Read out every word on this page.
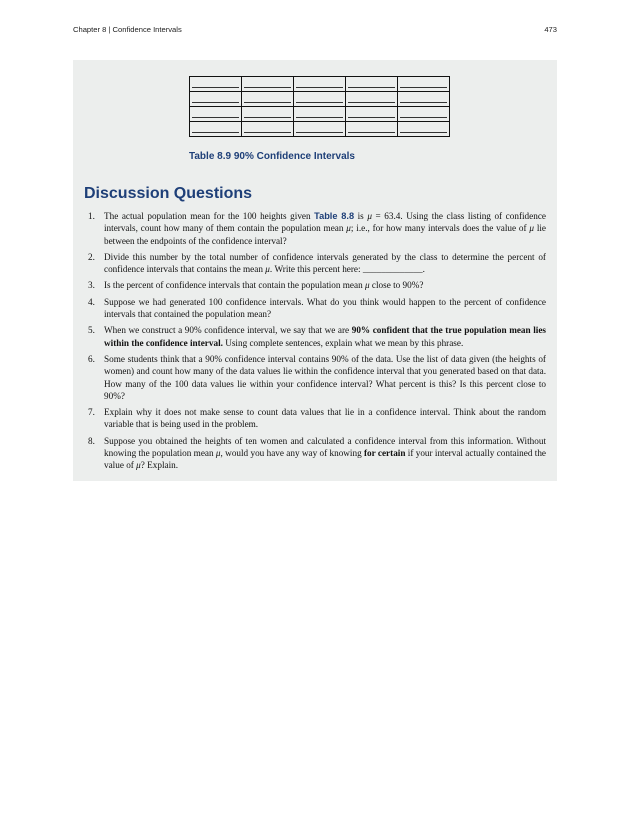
Chapter 8 | Confidence Intervals	473

Table 8.9 90% Confidence Intervals
Discussion Questions
1. The actual population mean for the 100 heights given Table 8.8 is μ = 63.4. Using the class listing of confidence intervals, count how many of them contain the population mean μ; i.e., for how many intervals does the value of μ lie between the endpoints of the confidence interval?
2. Divide this number by the total number of confidence intervals generated by the class to determine the percent of confidence intervals that contains the mean μ. Write this percent here: _____________.
3. Is the percent of confidence intervals that contain the population mean μ close to 90%?
4. Suppose we had generated 100 confidence intervals. What do you think would happen to the percent of confidence intervals that contained the population mean?
5. When we construct a 90% confidence interval, we say that we are 90% confident that the true population mean lies within the confidence interval. Using complete sentences, explain what we mean by this phrase.
6. Some students think that a 90% confidence interval contains 90% of the data. Use the list of data given (the heights of women) and count how many of the data values lie within the confidence interval that you generated based on that data. How many of the 100 data values lie within your confidence interval? What percent is this? Is this percent close to 90%?
7. Explain why it does not make sense to count data values that lie in a confidence interval. Think about the random variable that is being used in the problem.
8. Suppose you obtained the heights of ten women and calculated a confidence interval from this information. Without knowing the population mean μ, would you have any way of knowing for certain if your interval actually contained the value of μ? Explain.
